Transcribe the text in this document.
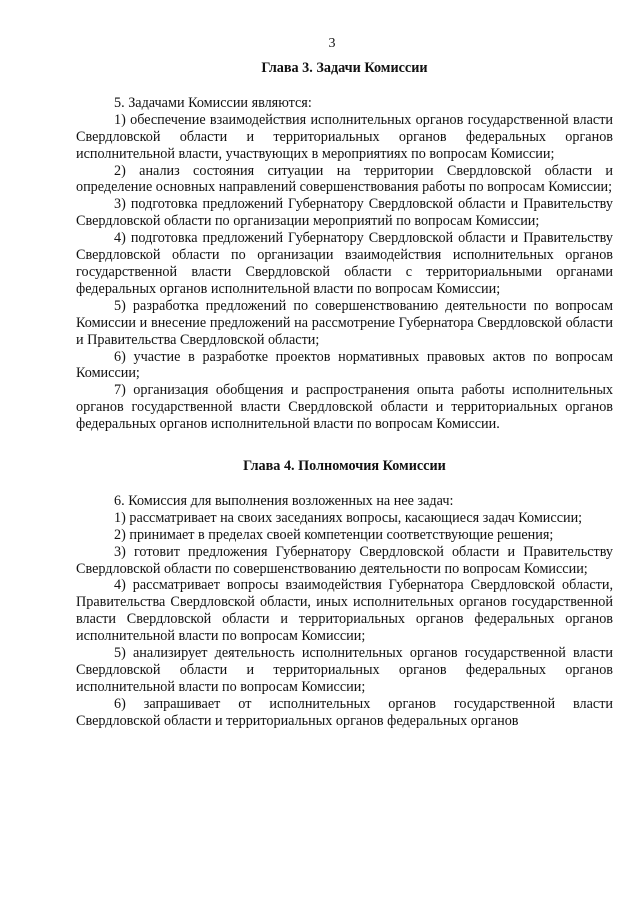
3
Глава 3. Задачи Комиссии

5. Задачами Комиссии являются:

1) обеспечение взаимодействия исполнительных органов государственной власти Свердловской области и территориальных органов федеральных органов исполнительной власти, участвующих в мероприятиях по вопросам Комиссии;

2) анализ состояния ситуации на территории Свердловской области и определение основных направлений совершенствования работы по вопросам Комиссии;

3) подготовка предложений Губернатору Свердловской области и Правительству Свердловской области по организации мероприятий по вопросам Комиссии;

4) подготовка предложений Губернатору Свердловской области и Правительству Свердловской области по организации взаимодействия исполнительных органов государственной власти Свердловской области с территориальными органами федеральных органов исполнительной власти по вопросам Комиссии;

5) разработка предложений по совершенствованию деятельности по вопросам Комиссии и внесение предложений на рассмотрение Губернатора Свердловской области и Правительства Свердловской области;

6) участие в разработке проектов нормативных правовых актов по вопросам Комиссии;

7) организация обобщения и распространения опыта работы исполнительных органов государственной власти Свердловской области и территориальных органов федеральных органов исполнительной власти по вопросам Комиссии.

Глава 4. Полномочия Комиссии

6. Комиссия для выполнения возложенных на нее задач:

1) рассматривает на своих заседаниях вопросы, касающиеся задач Комиссии;

2) принимает в пределах своей компетенции соответствующие решения;

3) готовит предложения Губернатору Свердловской области и Правительству Свердловской области по совершенствованию деятельности по вопросам Комиссии;

4) рассматривает вопросы взаимодействия Губернатора Свердловской области, Правительства Свердловской области, иных исполнительных органов государственной власти Свердловской области и территориальных органов федеральных органов исполнительной власти по вопросам Комиссии;

5) анализирует деятельность исполнительных органов государственной власти Свердловской области и территориальных органов федеральных органов исполнительной власти по вопросам Комиссии;

6) запрашивает от исполнительных органов государственной власти Свердловской области и территориальных органов федеральных органов
